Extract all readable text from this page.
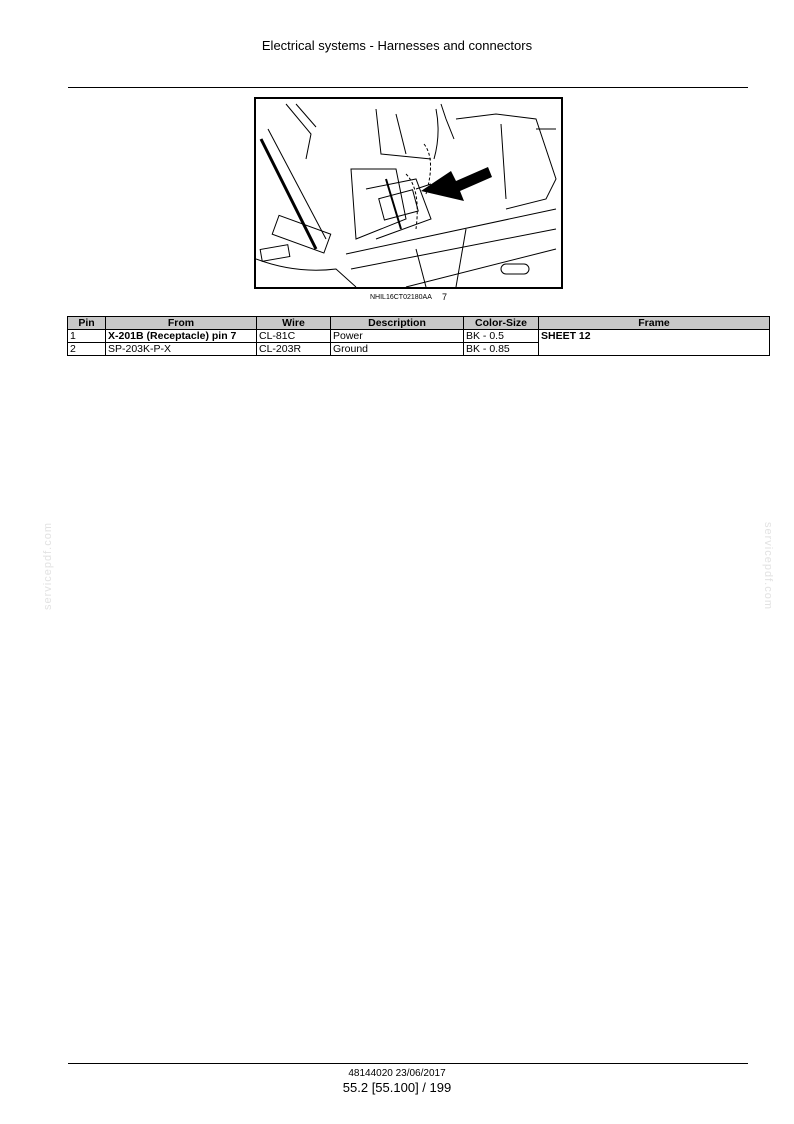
Electrical systems - Harnesses and connectors
NHIL16CT02180AA 7
Pin	From	Wire	Description	Color-Size	Frame
1	X-201B (Receptacle) pin 7	CL-81C	Power	BK - 0.5	SHEET 12
2	SP-203K-P-X	CL-203R	Ground	BK - 0.85	
servicepdf.com	servicepdf.com
48144020 23/06/2017
55.2 [55.100] / 199
